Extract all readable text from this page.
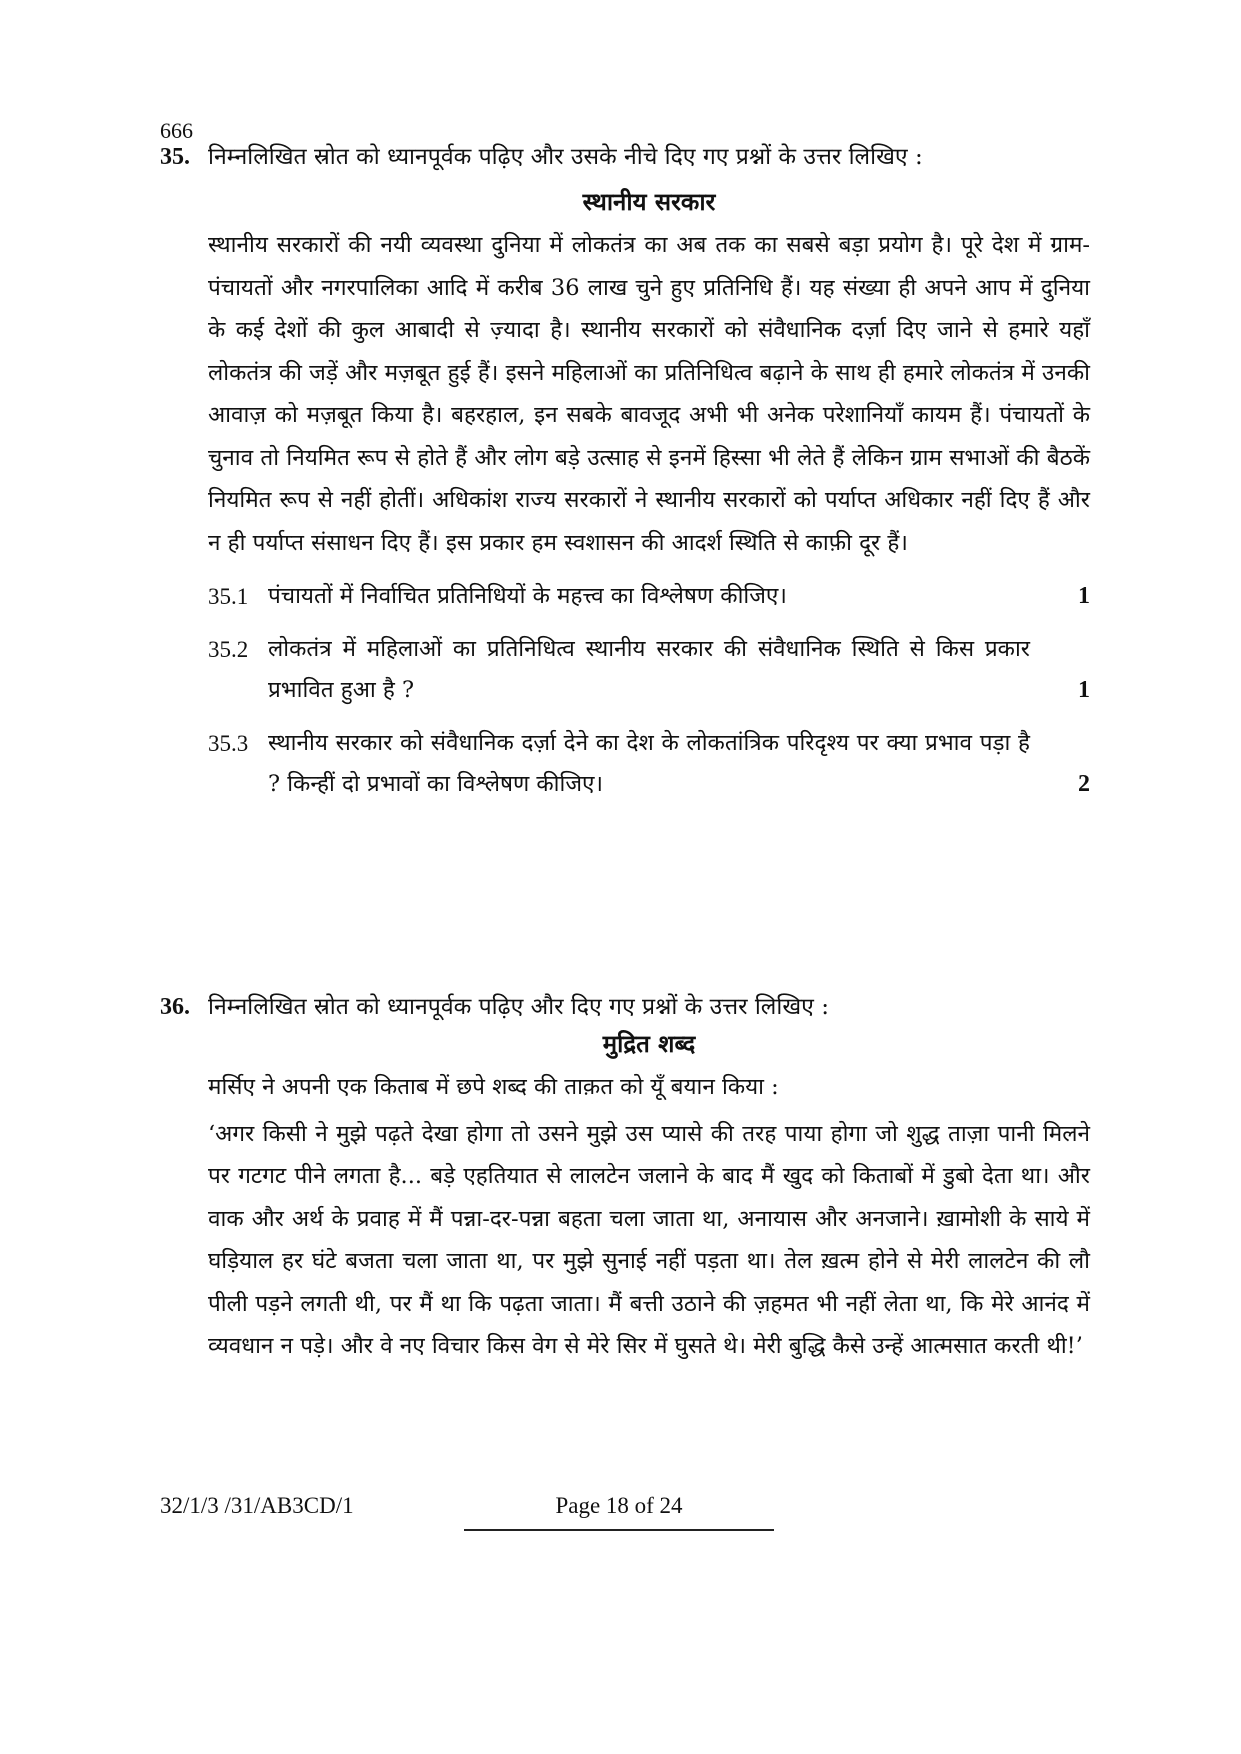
666
35. निम्नलिखित स्रोत को ध्यानपूर्वक पढ़िए और उसके नीचे दिए गए प्रश्नों के उत्तर लिखिए :
स्थानीय सरकार

स्थानीय सरकारों की नयी व्यवस्था दुनिया में लोकतंत्र का अब तक का सबसे बड़ा प्रयोग है। पूरे देश में ग्राम-पंचायतों और नगरपालिका आदि में करीब 36 लाख चुने हुए प्रतिनिधि हैं। यह संख्या ही अपने आप में दुनिया के कई देशों की कुल आबादी से ज़्यादा है। स्थानीय सरकारों को संवैधानिक दर्ज़ा दिए जाने से हमारे यहाँ लोकतंत्र की जड़ें और मज़बूत हुई हैं। इसने महिलाओं का प्रतिनिधित्व बढ़ाने के साथ ही हमारे लोकतंत्र में उनकी आवाज़ को मज़बूत किया है। बहरहाल, इन सबके बावजूद अभी भी अनेक परेशानियाँ कायम हैं। पंचायतों के चुनाव तो नियमित रूप से होते हैं और लोग बड़े उत्साह से इनमें हिस्सा भी लेते हैं लेकिन ग्राम सभाओं की बैठकें नियमित रूप से नहीं होतीं। अधिकांश राज्य सरकारों ने स्थानीय सरकारों को पर्याप्त अधिकार नहीं दिए हैं और न ही पर्याप्त संसाधन दिए हैं। इस प्रकार हम स्वशासन की आदर्श स्थिति से काफ़ी दूर हैं।

35.1 पंचायतों में निर्वाचित प्रतिनिधियों के महत्त्व का विश्लेषण कीजिए।	1
35.2 लोकतंत्र में महिलाओं का प्रतिनिधित्व स्थानीय सरकार की संवैधानिक स्थिति से किस प्रकार प्रभावित हुआ है ?	1
35.3 स्थानीय सरकार को संवैधानिक दर्ज़ा देने का देश के लोकतांत्रिक परिदृश्य पर क्या प्रभाव पड़ा है ? किन्हीं दो प्रभावों का विश्लेषण कीजिए।	2
36. निम्नलिखित स्रोत को ध्यानपूर्वक पढ़िए और दिए गए प्रश्नों के उत्तर लिखिए :
मुद्रित शब्द

मर्सिए ने अपनी एक किताब में छपे शब्द की ताक़त को यूँ बयान किया :

‘अगर किसी ने मुझे पढ़ते देखा होगा तो उसने मुझे उस प्यासे की तरह पाया होगा जो शुद्ध ताज़ा पानी मिलने पर गटगट पीने लगता है... बड़े एहतियात से लालटेन जलाने के बाद मैं खुद को किताबों में डुबो देता था। और वाक और अर्थ के प्रवाह में मैं पन्ना-दर-पन्ना बहता चला जाता था, अनायास और अनजाने। ख़ामोशी के साये में घड़ियाल हर घंटे बजता चला जाता था, पर मुझे सुनाई नहीं पड़ता था। तेल ख़त्म होने से मेरी लालटेन की लौ पीली पड़ने लगती थी, पर मैं था कि पढ़ता जाता। मैं बत्ती उठाने की ज़हमत भी नहीं लेता था, कि मेरे आनंद में व्यवधान न पड़े। और वे नए विचार किस वेग से मेरे सिर में घुसते थे। मेरी बुद्धि कैसे उन्हें आत्मसात करती थी!’

32/1/3 /31/AB3CD/1	Page 18 of 24
